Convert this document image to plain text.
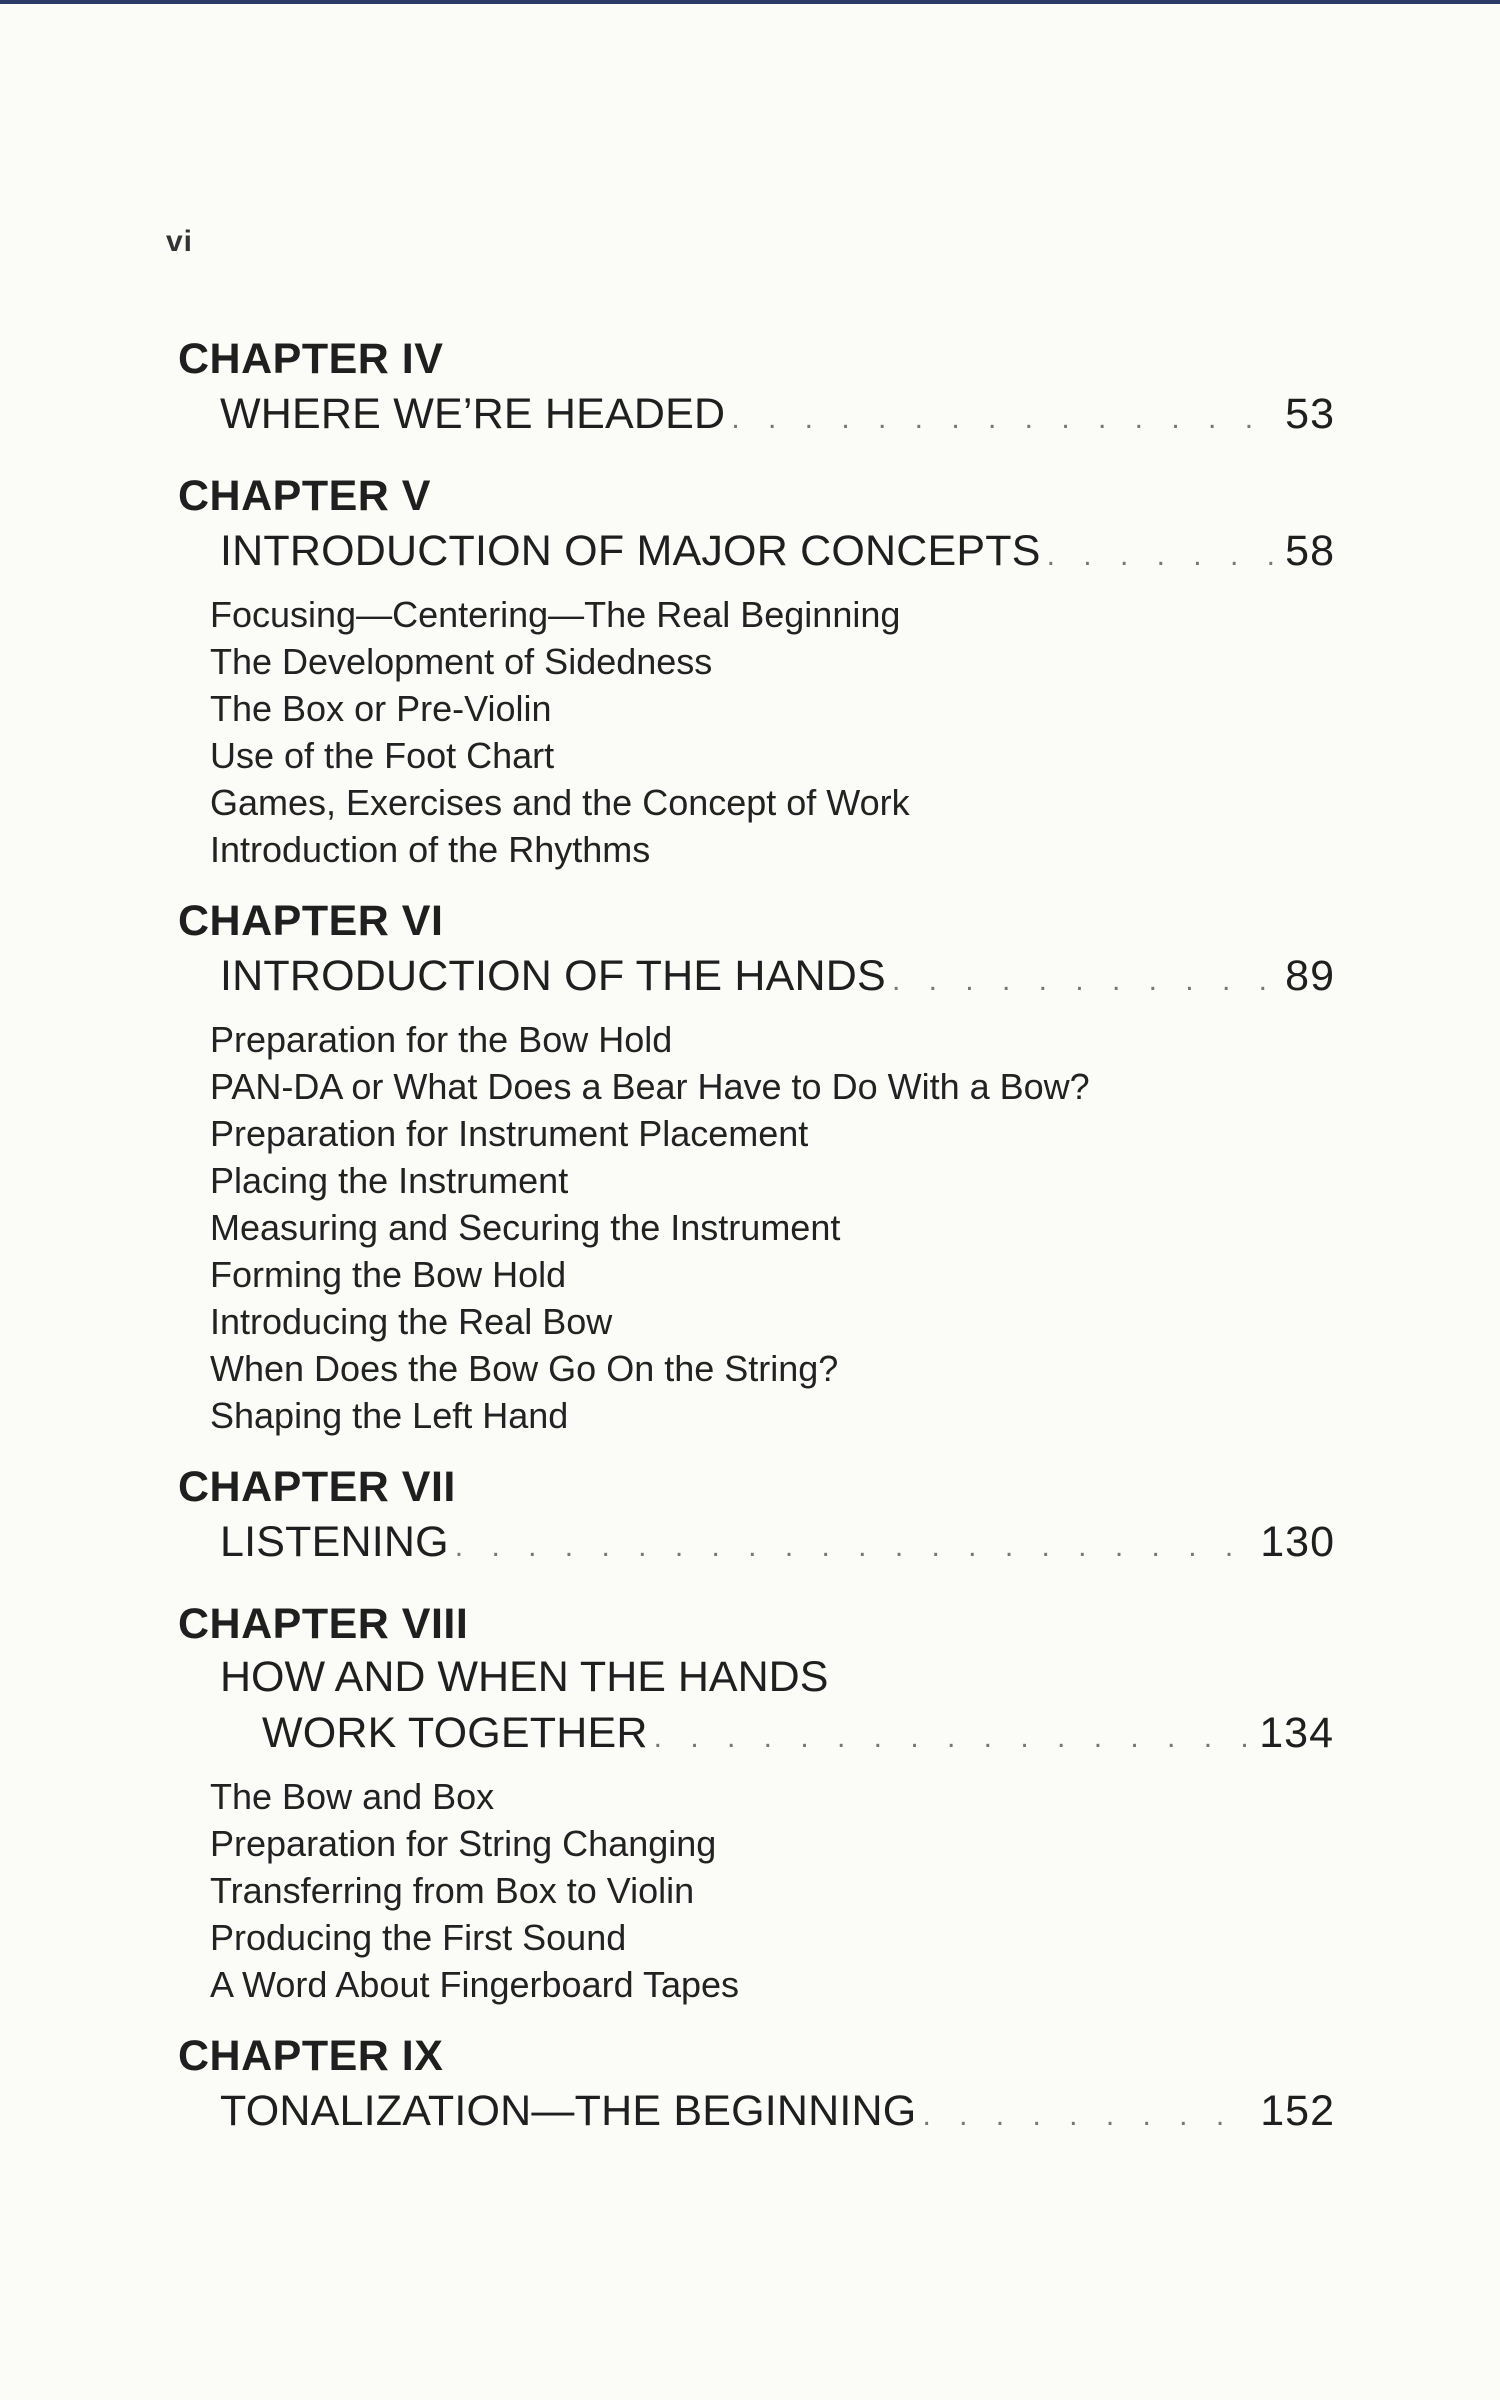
vi
CHAPTER IV
WHERE WE’RE HEADED . . .	53
CHAPTER V
INTRODUCTION OF MAJOR CONCEPTS . . .	58
Focusing—Centering—The Real Beginning
The Development of Sidedness
The Box or Pre-Violin
Use of the Foot Chart
Games, Exercises and the Concept of Work
Introduction of the Rhythms
CHAPTER VI
INTRODUCTION OF THE HANDS . . .	89
Preparation for the Bow Hold
PAN-DA or What Does a Bear Have to Do With a Bow?
Preparation for Instrument Placement
Placing the Instrument
Measuring and Securing the Instrument
Forming the Bow Hold
Introducing the Real Bow
When Does the Bow Go On the String?
Shaping the Left Hand
CHAPTER VII
LISTENING . . .	130
CHAPTER VIII
HOW AND WHEN THE HANDS
WORK TOGETHER . . .	134
The Bow and Box
Preparation for String Changing
Transferring from Box to Violin
Producing the First Sound
A Word About Fingerboard Tapes
CHAPTER IX
TONALIZATION—THE BEGINNING . . .	152
